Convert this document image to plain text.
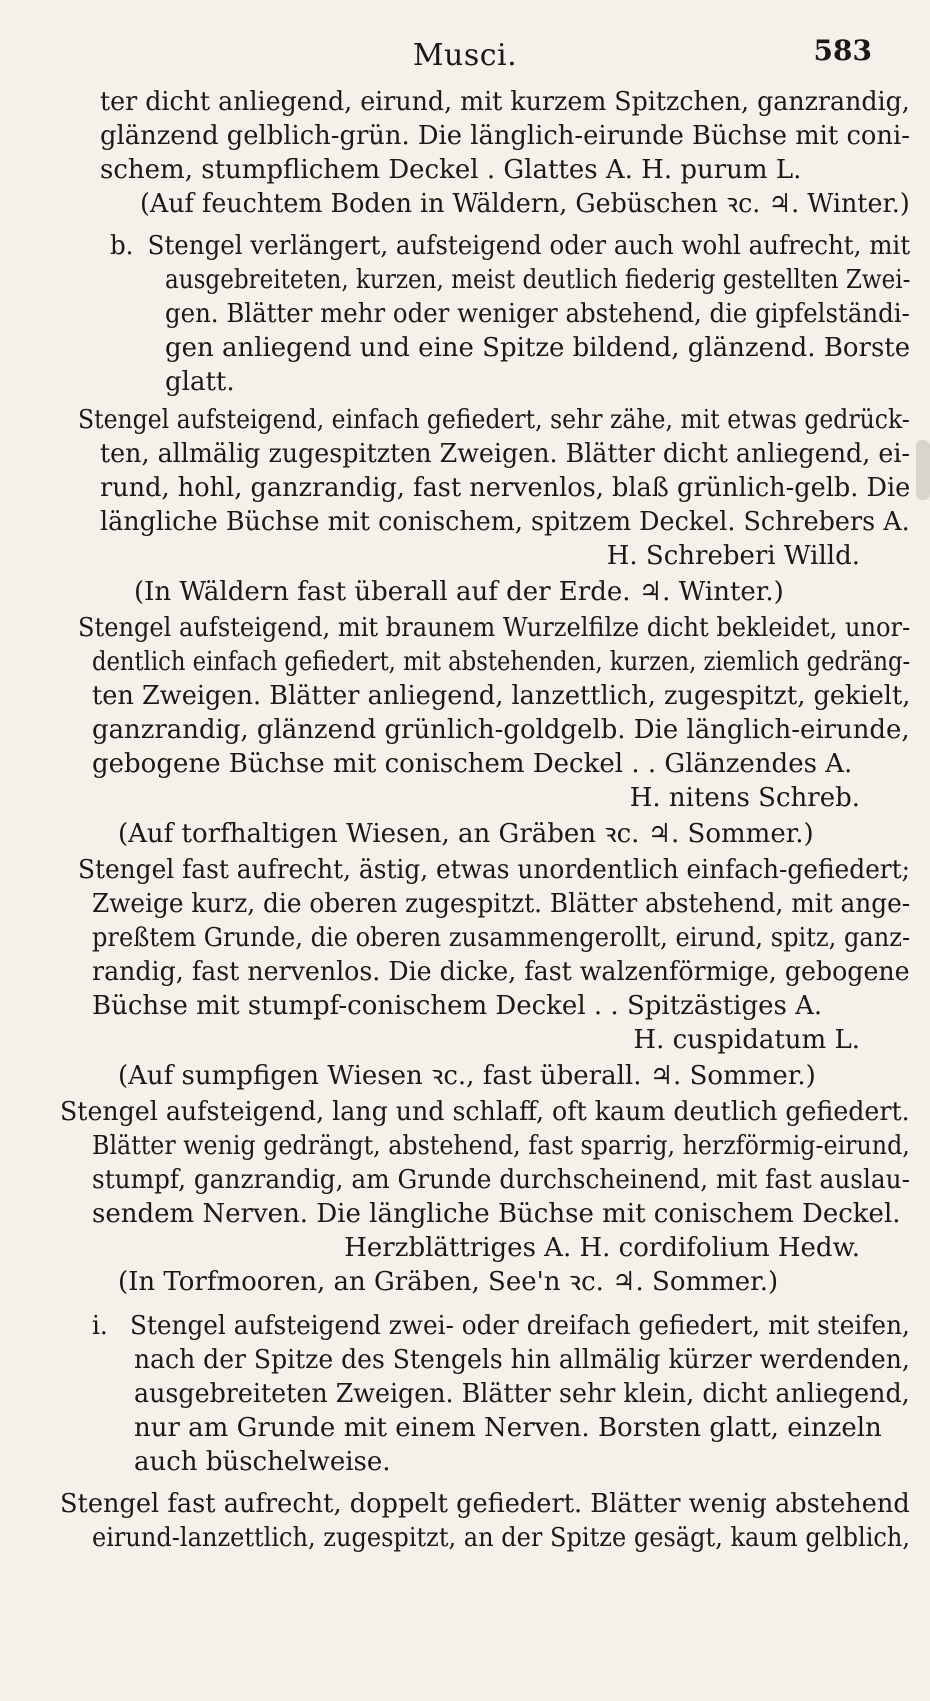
Musci.	583
ter dicht anliegend, eirund, mit kurzem Spitzchen, ganzrandig,
glänzend gelblich-grün. Die länglich-eirunde Büchse mit coni-
schem, stumpflichem Deckel . Glattes A. H. purum L.
(Auf feuchtem Boden in Wäldern, Gebüschen ꝛc. ♃. Winter.)
b. Stengel verlängert, aufsteigend oder auch wohl aufrecht, mit
ausgebreiteten, kurzen, meist deutlich fiederig gestellten Zwei-
gen. Blätter mehr oder weniger abstehend, die gipfelständi-
gen anliegend und eine Spitze bildend, glänzend. Borste
glatt.
Stengel aufsteigend, einfach gefiedert, sehr zähe, mit etwas gedrück-
ten, allmälig zugespitzten Zweigen. Blätter dicht anliegend, ei-
rund, hohl, ganzrandig, fast nervenlos, blaß grünlich-gelb. Die
längliche Büchse mit conischem, spitzem Deckel. Schrebers A.
H. Schreberi Willd.
(In Wäldern fast überall auf der Erde. ♃. Winter.)
Stengel aufsteigend, mit braunem Wurzelfilze dicht bekleidet, unor-
dentlich einfach gefiedert, mit abstehenden, kurzen, ziemlich gedräng-
ten Zweigen. Blätter anliegend, lanzettlich, zugespitzt, gekielt,
ganzrandig, glänzend grünlich-goldgelb. Die länglich-eirunde,
gebogene Büchse mit conischem Deckel . . Glänzendes A.
H. nitens Schreb.
(Auf torfhaltigen Wiesen, an Gräben ꝛc. ♃. Sommer.)
Stengel fast aufrecht, ästig, etwas unordentlich einfach-gefiedert;
Zweige kurz, die oberen zugespitzt. Blätter abstehend, mit ange-
preßtem Grunde, die oberen zusammengerollt, eirund, spitz, ganz-
randig, fast nervenlos. Die dicke, fast walzenförmige, gebogene
Büchse mit stumpf-conischem Deckel . . Spitzästiges A.
H. cuspidatum L.
(Auf sumpfigen Wiesen ꝛc., fast überall. ♃. Sommer.)
Stengel aufsteigend, lang und schlaff, oft kaum deutlich gefiedert.
Blätter wenig gedrängt, abstehend, fast sparrig, herzförmig-eirund,
stumpf, ganzrandig, am Grunde durchscheinend, mit fast auslau-
sendem Nerven. Die längliche Büchse mit conischem Deckel.
Herzblättriges A. H. cordifolium Hedw.
(In Torfmooren, an Gräben, See'n ꝛc. ♃. Sommer.)
i. Stengel aufsteigend zwei- oder dreifach gefiedert, mit steifen,
nach der Spitze des Stengels hin allmälig kürzer werdenden,
ausgebreiteten Zweigen. Blätter sehr klein, dicht anliegend,
nur am Grunde mit einem Nerven. Borsten glatt, einzeln
auch büschelweise.
Stengel fast aufrecht, doppelt gefiedert. Blätter wenig abstehend
eirund-lanzettlich, zugespitzt, an der Spitze gesägt, kaum gelblich,
